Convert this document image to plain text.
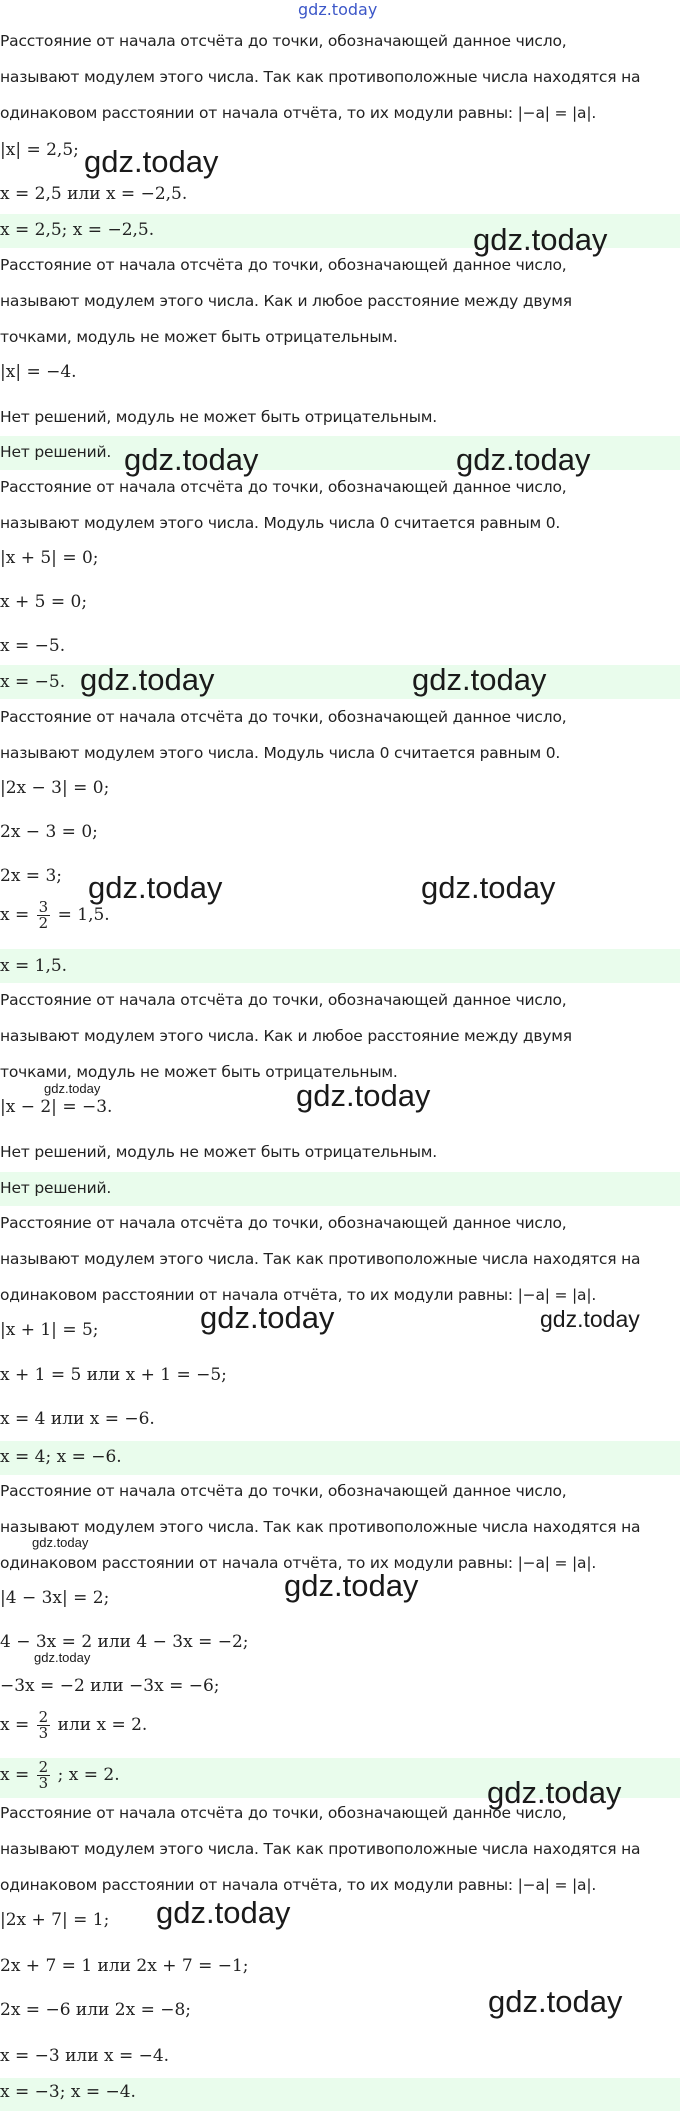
gdz.today
Расстояние от начала отсчёта до точки, обозначающей данное число,
называют модулем этого числа. Так как противоположные числа находятся на
одинаковом расстоянии от начала отчёта, то их модули равны: |−a| = |a|.
|x| = 2,5;
x = 2,5 или x = −2,5.
x = 2,5; x = −2,5.
Расстояние от начала отсчёта до точки, обозначающей данное число,
называют модулем этого числа. Как и любое расстояние между двумя
точками, модуль не может быть отрицательным.
|x| = −4.
Нет решений, модуль не может быть отрицательным.
Нет решений.
Расстояние от начала отсчёта до точки, обозначающей данное число,
называют модулем этого числа. Модуль числа 0 считается равным 0.
|x + 5| = 0;
x + 5 = 0;
x = −5.
x = −5.
Расстояние от начала отсчёта до точки, обозначающей данное число,
называют модулем этого числа. Модуль числа 0 считается равным 0.
|2x − 3| = 0;
2x − 3 = 0;
2x = 3;
$x = \frac{3}{2} = 1,5$.
x = 1,5.
Расстояние от начала отсчёта до точки, обозначающей данное число,
называют модулем этого числа. Как и любое расстояние между двумя
точками, модуль не может быть отрицательным.
|x − 2| = −3.
Нет решений, модуль не может быть отрицательным.
Нет решений.
Расстояние от начала отсчёта до точки, обозначающей данное число,
называют модулем этого числа. Так как противоположные числа находятся на
одинаковом расстоянии от начала отчёта, то их модули равны: |−a| = |a|.
|x + 1| = 5;
x + 1 = 5 или x + 1 = −5;
x = 4 или x = −6.
x = 4; x = −6.
Расстояние от начала отсчёта до точки, обозначающей данное число,
называют модулем этого числа. Так как противоположные числа находятся на
одинаковом расстоянии от начала отчёта, то их модули равны: |−a| = |a|.
|4 − 3x| = 2;
4 − 3x = 2 или 4 − 3x = −2;
−3x = −2 или −3x = −6;
$x = \frac{2}{3}$ или x = 2.
$x = \frac{2}{3}$ ; x = 2.
Расстояние от начала отсчёта до точки, обозначающей данное число,
называют модулем этого числа. Так как противоположные числа находятся на
одинаковом расстоянии от начала отчёта, то их модули равны: |−a| = |a|.
|2x + 7| = 1;
2x + 7 = 1 или 2x + 7 = −1;
2x = −6 или 2x = −8;
x = −3 или x = −4.
x = −3; x = −4.
gdz.today
gdz.today
gdz.today	gdz.today
gdz.today	gdz.today
gdz.today	gdz.today
gdz.today	gdz.today
gdz.today	gdz.today
gdz.today
gdz.today
gdz.today
gdz.today
gdz.today
gdz.today
